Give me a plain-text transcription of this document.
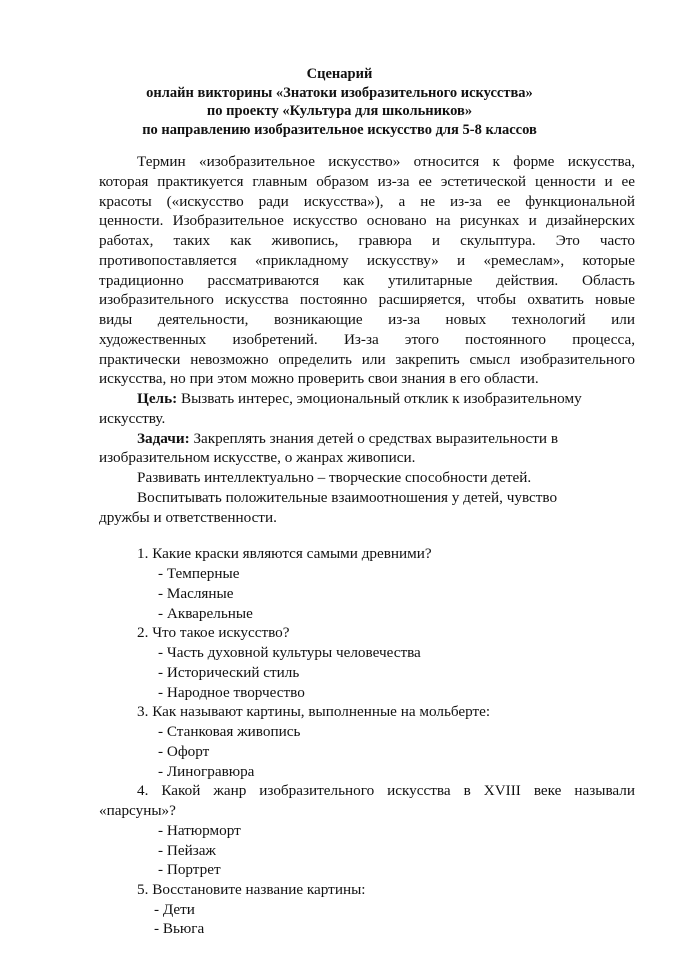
Сценарий
онлайн викторины «Знатоки изобразительного искусства»
по проекту «Культура для школьников»
по направлению изобразительное искусство для 5-8 классов
Термин «изобразительное искусство» относится к форме искусства,
которая практикуется главным образом из-за ее эстетической ценности и ее
красоты («искусство ради искусства»), а не из-за ее функциональной
ценности. Изобразительное искусство основано на рисунках и дизайнерских
работах, таких как живопись, гравюра и скульптура. Это часто
противопоставляется «прикладному искусству» и «ремеслам», которые
традиционно рассматриваются как утилитарные действия. Область
изобразительного искусства постоянно расширяется, чтобы охватить новые
виды деятельности, возникающие из-за новых технологий или
художественных изобретений. Из-за этого постоянного процесса,
практически невозможно определить или закрепить смысл изобразительного
искусства, но при этом можно проверить свои знания в его области.
Цель: Вызвать интерес, эмоциональный отклик к изобразительному
искусству.
Задачи: Закреплять знания детей о средствах выразительности в
изобразительном искусстве, о жанрах живописи.
Развивать интеллектуально – творческие способности детей.
Воспитывать положительные взаимоотношения у детей, чувство
дружбы и ответственности.
1. Какие краски являются самыми древними?
- Темперные
- Масляные
- Акварельные
2. Что такое искусство?
- Часть духовной культуры человечества
- Исторический стиль
- Народное творчество
3. Как называют картины, выполненные на мольберте:
- Станковая живопись
- Офорт
- Линогравюра
4. Какой жанр изобразительного искусства в XVIII веке называли
«парсуны»?
- Натюрморт
- Пейзаж
- Портрет
5. Восстановите название картины:
- Дети
- Вьюга
